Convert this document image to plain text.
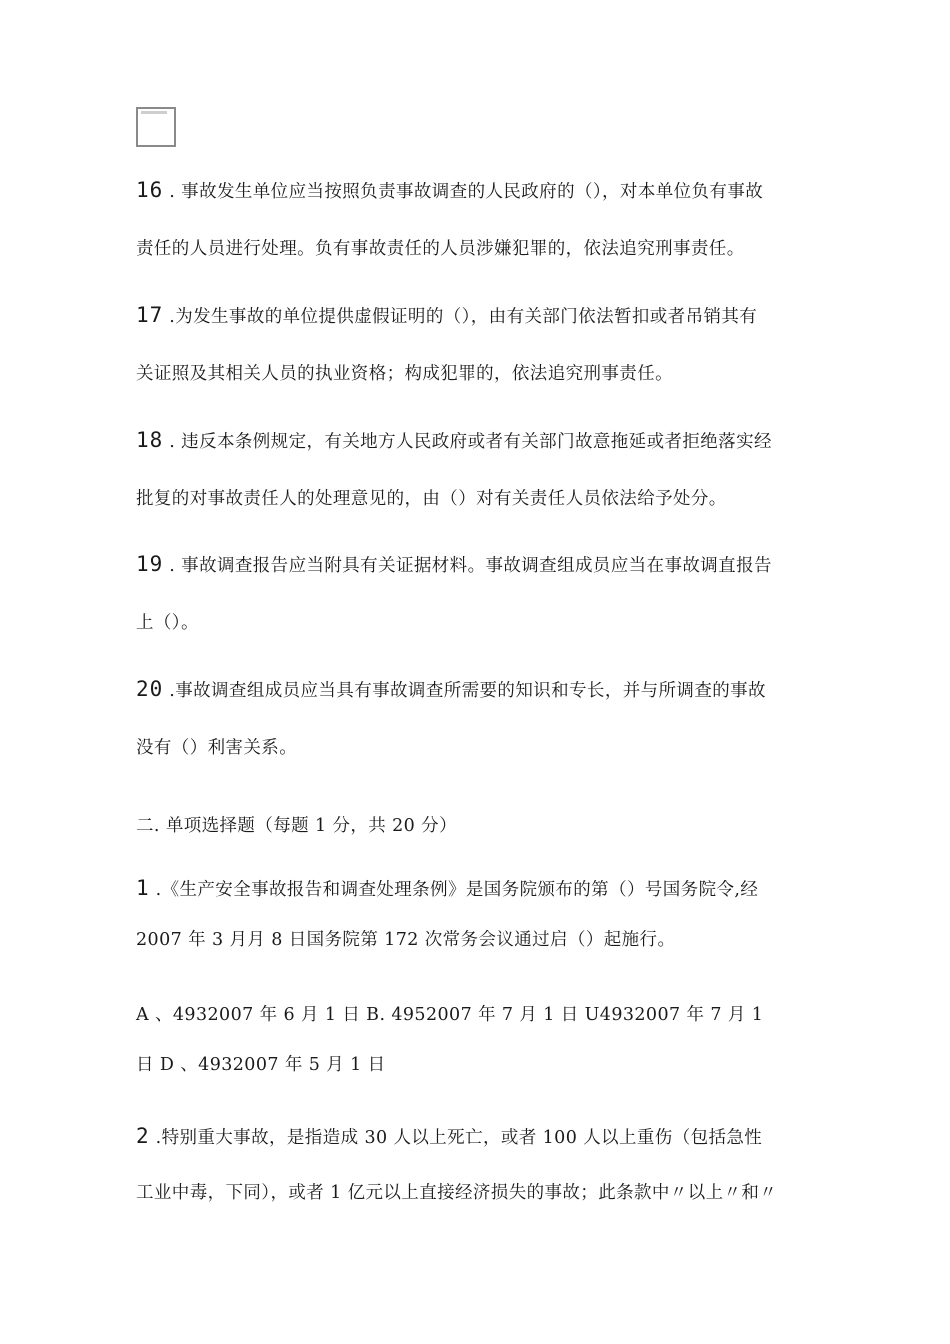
16 . 事故发生单位应当按照负责事故调查的人民政府的（），对本单位负有事故
责任的人员进行处理。负有事故责任的人员涉嫌犯罪的，依法追究刑事责任。
17 .为发生事故的单位提供虚假证明的（），由有关部门依法暂扣或者吊销其有
关证照及其相关人员的执业资格；构成犯罪的，依法追究刑事责任。
18 . 违反本条例规定，有关地方人民政府或者有关部门故意拖延或者拒绝落实经
批复的对事故责任人的处理意见的，由（）对有关责任人员依法给予处分。
19 . 事故调查报告应当附具有关证据材料。事故调查组成员应当在事故调直报告
上（）。
20 .事故调查组成员应当具有事故调查所需要的知识和专长，并与所调查的事故
没有（）利害关系。
二. 单项选择题（每题 1 分，共 20 分）
1 .《生产安全事故报告和调查处理条例》是国务院颁布的第（）号国务院令,经
2007 年 3 月月 8 日国务院第 172 次常务会议通过启（）起施行。
A 、4932007 年 6 月 1 日 B. 4952007 年 7 月 1 日 U4932007 年 7 月 1
日 D 、4932007 年 5 月 1 日
2 .特别重大事故，是指造成 30 人以上死亡，或者 100 人以上重伤（包括急性
工业中毒，下同），或者 1 亿元以上直接经济损失的事故；此条款中〃以上〃和〃
